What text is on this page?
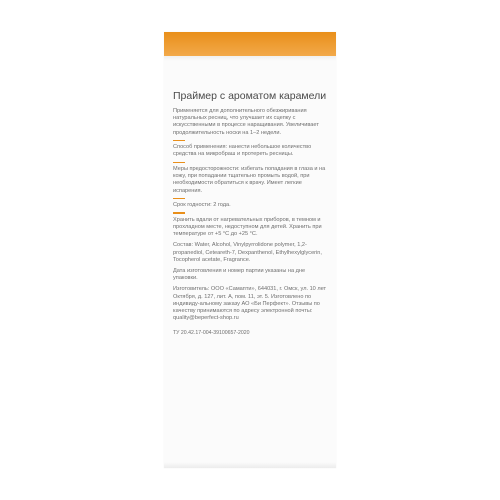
Праймер с ароматом карамели

Применяется для дополнительного обезжиривания натуральных ресниц, что улучшает их сцепку с искусственными в процессе наращивания. Увеличивает продолжительность носки на 1–2 недели.

Способ применения: нанести небольшое количество средства на микробраш и протереть ресницы.

Меры предосторожности: избегать попадания в глаза и на кожу, при попадании тщательно промыть водой, при необходимости обратиться к врачу. Имеет легкие испарения.

Срок годности: 2 года.

Хранить вдали от нагревательных приборов, в темном и прохладном месте, недоступном для детей. Хранить при температуре от +5 °С до +25 °С.

Состав: Water, Alcohol, Vinylpyrrolidone polymer, 1,2-propanediol, Ceteareth-7, Dexpanthenol, Ethylhexylglycerin, Tocopherol acetate, Fragrance.

Дата изготовления и номер партии указаны на дне упаковки.

Изготовитель: ООО «Самапти», 644031, г. Омск, ул. 10 лет Октября, д. 127, лит. А, пом. 11, эт. 5. Изготовлено по индивиду-альному заказу АО «Би Перфект». Отзывы по качеству принимаются по адресу электронной почты: quality@beperfect-shop.ru

ТУ 20.42.17-004-39100657-2020
